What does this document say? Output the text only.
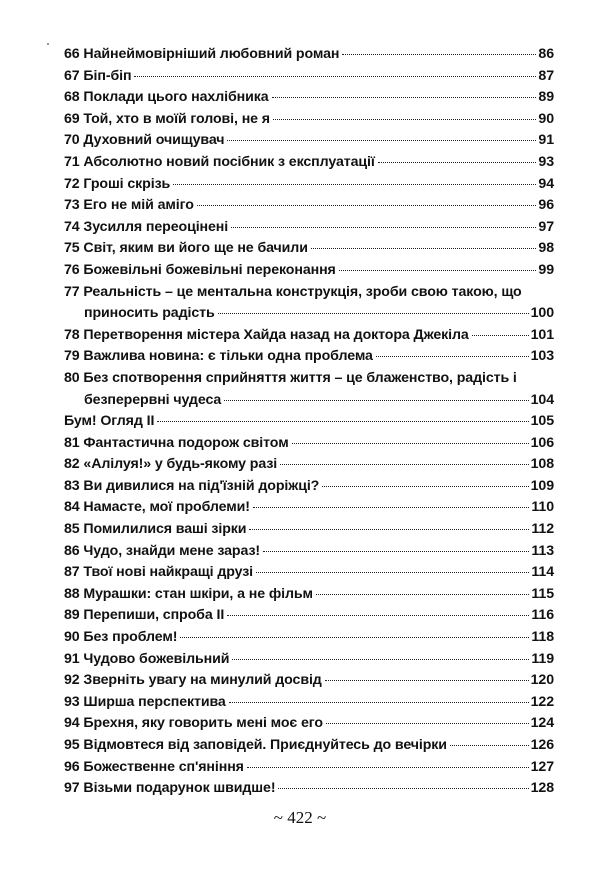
66 Найнеймовірніший любовний роман	86
67 Біп-біп	87
68 Поклади цього нахлібника	89
69 Той, хто в моїй голові, не я	90
70 Духовний очищувач	91
71 Абсолютно новий посібник з експлуатації	93
72 Гроші скрізь	94
73 Его не мій аміго	96
74 Зусилля переоцінені	97
75 Світ, яким ви його ще не бачили	98
76 Божевільні божевільні переконання	99
77 Реальність – це ментальна конструкція, зроби свою такою, що
приносить радість	100
78 Перетворення містера Хайда назад на доктора Джекіла	101
79 Важлива новина: є тільки одна проблема	103
80 Без спотворення сприйняття життя – це блаженство, радість і
безперервні чудеса	104
Бум! Огляд ІІ	105
81 Фантастична подорож світом	106
82 «Алілуя!» у будь-якому разі	108
83 Ви дивилися на під'їзній доріжці?	109
84 Намасте, мої проблеми!	110
85 Помилилися ваші зірки	112
86 Чудо, знайди мене зараз!	113
87 Твої нові найкращі друзі	114
88 Мурашки: стан шкіри, а не фільм	115
89 Перепиши, спроба ІІ	116
90 Без проблем!	118
91 Чудово божевільний	119
92 Зверніть увагу на минулий досвід	120
93 Ширша перспектива	122
94 Брехня, яку говорить мені моє его	124
95 Відмовтеся від заповідей. Приєднуйтесь до вечірки	126
96 Божественне сп'яніння	127
97 Візьми подарунок швидше!	128
~ 422 ~
